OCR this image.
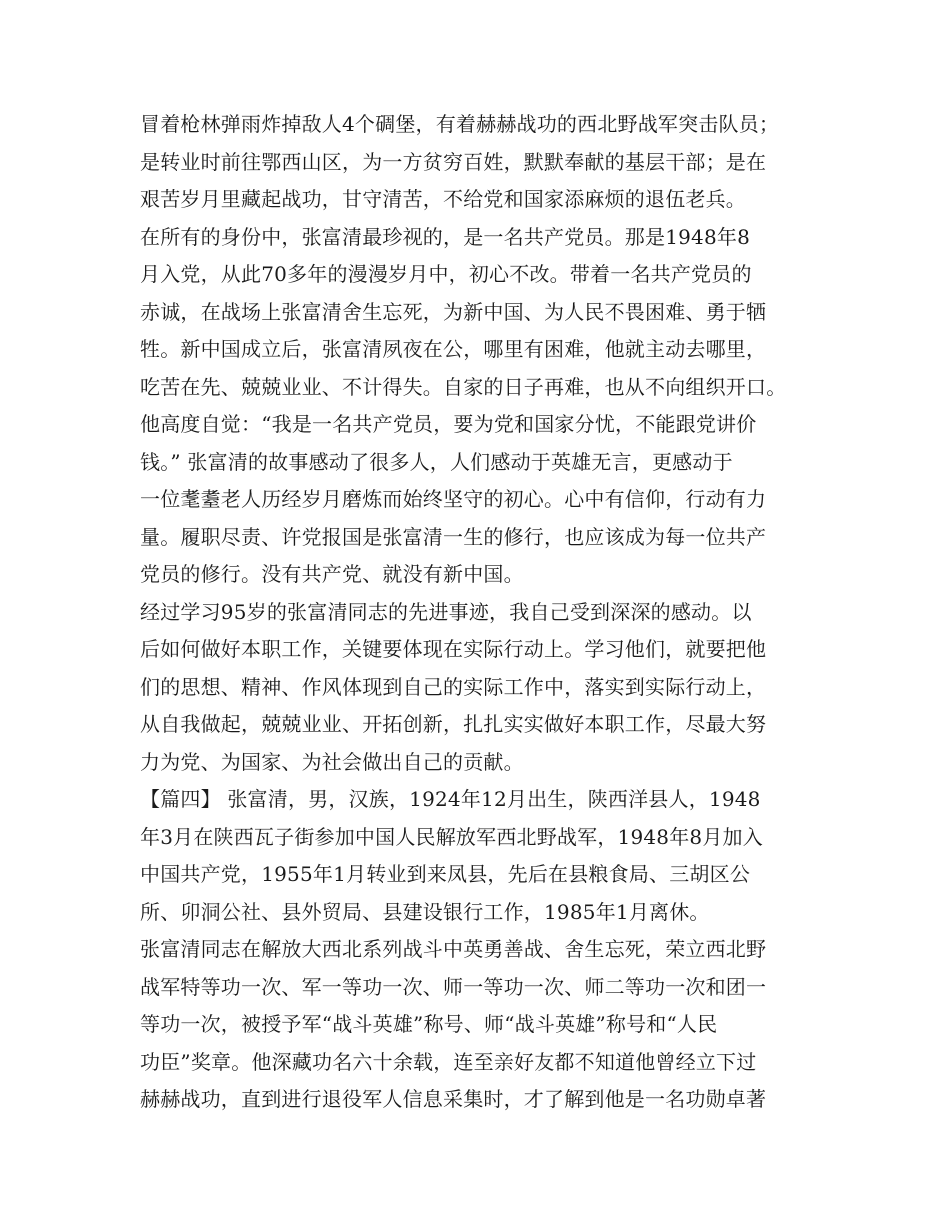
冒着枪林弹雨炸掉敌人4个碉堡，有着赫赫战功的西北野战军突击队员；
是转业时前往鄂西山区，为一方贫穷百姓，默默奉献的基层干部；是在
艰苦岁月里藏起战功，甘守清苦，不给党和国家添麻烦的退伍老兵。
在所有的身份中，张富清最珍视的，是一名共产党员。那是1948年8
月入党，从此70多年的漫漫岁月中，初心不改。带着一名共产党员的
赤诚，在战场上张富清舍生忘死，为新中国、为人民不畏困难、勇于牺
牲。新中国成立后，张富清夙夜在公，哪里有困难，他就主动去哪里，
吃苦在先、兢兢业业、不计得失。自家的日子再难，也从不向组织开口。
他高度自觉：“我是一名共产党员，要为党和国家分忧，不能跟党讲价
钱。” 张富清的故事感动了很多人，人们感动于英雄无言，更感动于
一位耄耋老人历经岁月磨炼而始终坚守的初心。心中有信仰，行动有力
量。履职尽责、许党报国是张富清一生的修行，也应该成为每一位共产
党员的修行。没有共产党、就没有新中国。
经过学习95岁的张富清同志的先进事迹，我自己受到深深的感动。以
后如何做好本职工作，关键要体现在实际行动上。学习他们，就要把他
们的思想、精神、作风体现到自己的实际工作中，落实到实际行动上，
从自我做起，兢兢业业、开拓创新，扎扎实实做好本职工作，尽最大努
力为党、为国家、为社会做出自己的贡献。
【篇四】 张富清，男，汉族，1924年12月出生，陕西洋县人，1948
年3月在陕西瓦子街参加中国人民解放军西北野战军，1948年8月加入
中国共产党，1955年1月转业到来凤县，先后在县粮食局、三胡区公
所、卯洞公社、县外贸局、县建设银行工作，1985年1月离休。
张富清同志在解放大西北系列战斗中英勇善战、舍生忘死，荣立西北野
战军特等功一次、军一等功一次、师一等功一次、师二等功一次和团一
等功一次，被授予军“战斗英雄”称号、师“战斗英雄”称号和“人民
功臣”奖章。他深藏功名六十余载，连至亲好友都不知道他曾经立下过
赫赫战功，直到进行退役军人信息采集时，才了解到他是一名功勋卓著
